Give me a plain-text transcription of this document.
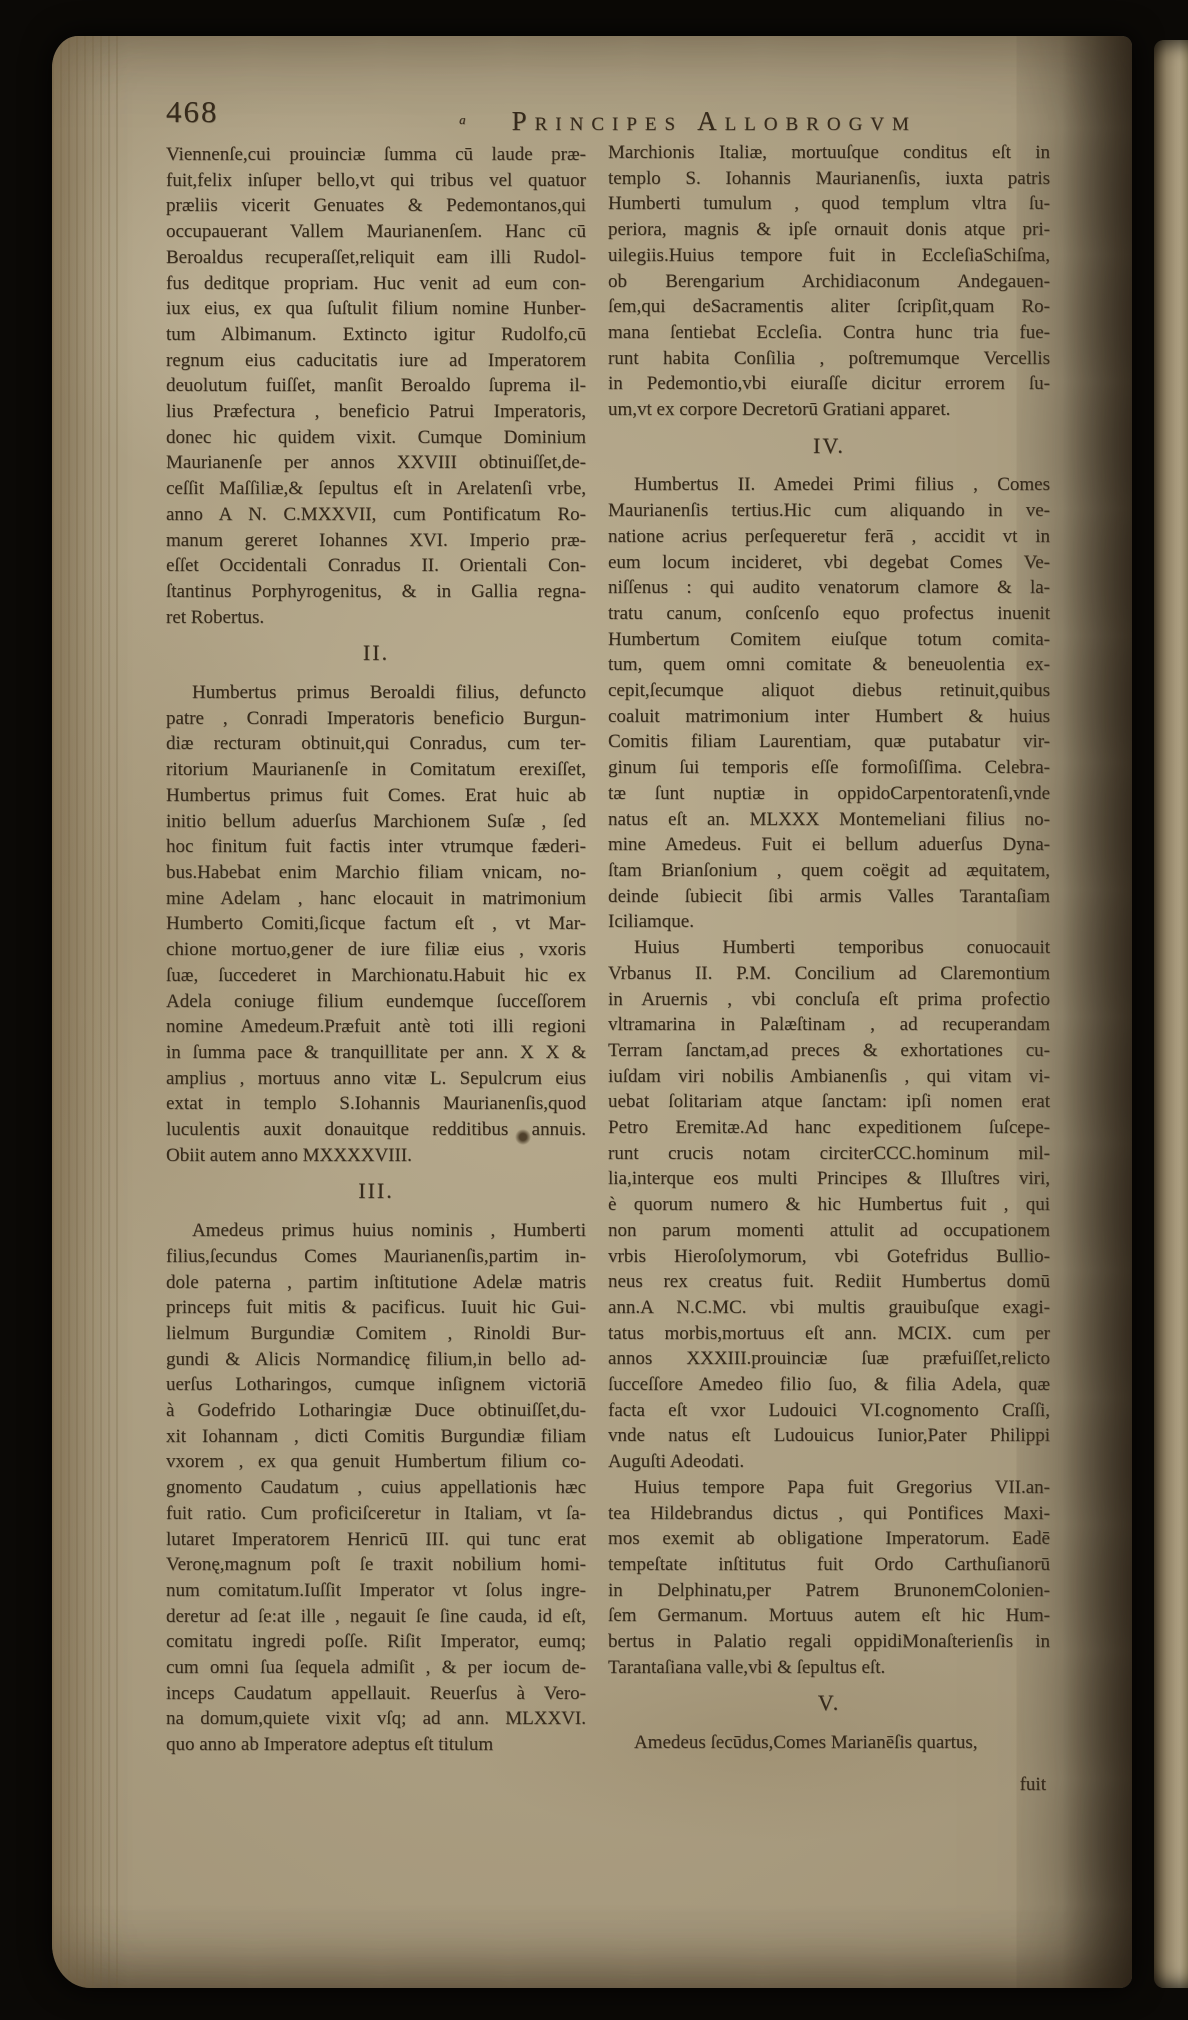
468	$^a$ PRINCIPES ALLOBROGVM
Viennenſe,cui prouinciæ ſumma cū laude præ-
fuit,felix inſuper bello,vt qui tribus vel quatuor
præliis vicerit Genuates & Pedemontanos,qui
occupauerant Vallem Maurianenſem. Hanc cū
Beroaldus recuperaſſet,reliquit eam illi Rudol-
fus deditque propriam. Huc venit ad eum con-
iux eius, ex qua ſuſtulit filium nomine Hunber-
tum Albimanum. Extincto igitur Rudolfo,cū
regnum eius caducitatis iure ad Imperatorem
deuolutum fuiſſet, manſit Beroaldo ſuprema il-
lius Præfectura , beneficio Patrui Imperatoris,
donec hic quidem vixit. Cumque Dominium
Maurianenſe per annos XXVIII obtinuiſſet,de-
ceſſit Maſſiliæ,& ſepultus eſt in Arelatenſi vrbe,
anno A N. C.MXXVII, cum Pontificatum Ro-
manum gereret Iohannes XVI. Imperio præ-
eſſet Occidentali Conradus II. Orientali Con-
ſtantinus Porphyrogenitus, & in Gallia regna-
ret Robertus.
II.
Humbertus primus Beroaldi filius, defuncto
patre , Conradi Imperatoris beneficio Burgun-
diæ recturam obtinuit,qui Conradus, cum ter-
ritorium Maurianenſe in Comitatum erexiſſet,
Humbertus primus fuit Comes. Erat huic ab
initio bellum aduerſus Marchionem Suſæ , ſed
hoc finitum fuit factis inter vtrumque fæderi-
bus.Habebat enim Marchio filiam vnicam, no-
mine Adelam , hanc elocauit in matrimonium
Humberto Comiti,ſicque factum eſt , vt Mar-
chione mortuo,gener de iure filiæ eius , vxoris
ſuæ, ſuccederet in Marchionatu.Habuit hic ex
Adela coniuge filium eundemque ſucceſſorem
nomine Amedeum.Præfuit antè toti illi regioni
in ſumma pace & tranquillitate per ann. X X &
amplius , mortuus anno vitæ L. Sepulcrum eius
extat in templo S.Iohannis Maurianenſis,quod
luculentis auxit donauitque redditibus annuis.
Obiit autem anno MXXXXVIII.
III.
Amedeus primus huius nominis , Humberti
filius,ſecundus Comes Maurianenſis,partim in-
dole paterna , partim inſtitutione Adelæ matris
princeps fuit mitis & pacificus. Iuuit hic Gui-
lielmum Burgundiæ Comitem , Rinoldi Bur-
gundi & Alicis Normandicę filium,in bello ad-
uerſus Lotharingos, cumque inſignem victoriā
à Godefrido Lotharingiæ Duce obtinuiſſet,du-
xit Iohannam , dicti Comitis Burgundiæ filiam
vxorem , ex qua genuit Humbertum filium co-
gnomento Caudatum , cuius appellationis hæc
fuit ratio. Cum proficiſceretur in Italiam, vt ſa-
lutaret Imperatorem Henricū III. qui tunc erat
Veronę,magnum poſt ſe traxit nobilium homi-
num comitatum.Iuſſit Imperator vt ſolus ingre-
deretur ad ſe:at ille , negauit ſe ſine cauda, id eſt,
comitatu ingredi poſſe. Riſit Imperator, eumq;
cum omni ſua ſequela admiſit , & per iocum de-
inceps Caudatum appellauit. Reuerſus à Vero-
na domum,quiete vixit vſq; ad ann. MLXXVI.
quo anno ab Imperatore adeptus eſt titulum
Marchionis Italiæ, mortuuſque conditus eſt in
templo S. Iohannis Maurianenſis, iuxta patris
Humberti tumulum , quod templum vltra ſu-
periora, magnis & ipſe ornauit donis atque pri-
uilegiis.Huius tempore fuit in EccleſiaSchiſma,
ob Berengarium Archidiaconum Andegauen-
ſem,qui deSacramentis aliter ſcripſit,quam Ro-
mana ſentiebat Eccleſia. Contra hunc tria fue-
runt habita Conſilia , poſtremumque Vercellis
in Pedemontio,vbi eiuraſſe dicitur errorem ſu-
um,vt ex corpore Decretorū Gratiani apparet.
IV.
Humbertus II. Amedei Primi filius , Comes
Maurianenſis tertius.Hic cum aliquando in ve-
natione acrius perſequeretur ferā , accidit vt in
eum locum incideret, vbi degebat Comes Ve-
niſſenus : qui audito venatorum clamore & la-
tratu canum, conſcenſo equo profectus inuenit
Humbertum Comitem eiuſque totum comita-
tum, quem omni comitate & beneuolentia ex-
cepit,ſecumque aliquot diebus retinuit,quibus
coaluit matrimonium inter Humbert & huius
Comitis filiam Laurentiam, quæ putabatur vir-
ginum ſui temporis eſſe formoſiſſima. Celebra-
tæ ſunt nuptiæ in oppidoCarpentoratenſi,vnde
natus eſt an. MLXXX Montemeliani filius no-
mine Amedeus. Fuit ei bellum aduerſus Dyna-
ſtam Brianſonium , quem coëgit ad æquitatem,
deinde ſubiecit ſibi armis Valles Tarantaſiam
Iciliamque.
Huius Humberti temporibus conuocauit
Vrbanus II. P.M. Concilium ad Claremontium
in Aruernis , vbi concluſa eſt prima profectio
vltramarina in Palæſtinam , ad recuperandam
Terram ſanctam,ad preces & exhortationes cu-
iuſdam viri nobilis Ambianenſis , qui vitam vi-
uebat ſolitariam atque ſanctam: ipſi nomen erat
Petro Eremitæ.Ad hanc expeditionem ſuſcepe-
runt crucis notam circiterCCC.hominum mil-
lia,interque eos multi Principes & Illuſtres viri,
è quorum numero & hic Humbertus fuit , qui
non parum momenti attulit ad occupationem
vrbis Hieroſolymorum, vbi Gotefridus Bullio-
neus rex creatus fuit. Rediit Humbertus domū
ann.A N.C.MC. vbi multis grauibuſque exagi-
tatus morbis,mortuus eſt ann. MCIX. cum per
annos XXXIII.prouinciæ ſuæ præfuiſſet,relicto
ſucceſſore Amedeo filio ſuo, & filia Adela, quæ
facta eſt vxor Ludouici VI.cognomento Craſſi,
vnde natus eſt Ludouicus Iunior,Pater Philippi
Auguſti Adeodati.
Huius tempore Papa fuit Gregorius VII.an-
tea Hildebrandus dictus , qui Pontifices Maxi-
mos exemit ab obligatione Imperatorum. Eadē
tempeſtate inſtitutus fuit Ordo Carthuſianorū
in Delphinatu,per Patrem BrunonemColonien-
ſem Germanum. Mortuus autem eſt hic Hum-
bertus in Palatio regali oppidiMonaſterienſis in
Tarantaſiana valle,vbi & ſepultus eſt.
V.
Amedeus ſecūdus,Comes Marianēſis quartus,
fuit
